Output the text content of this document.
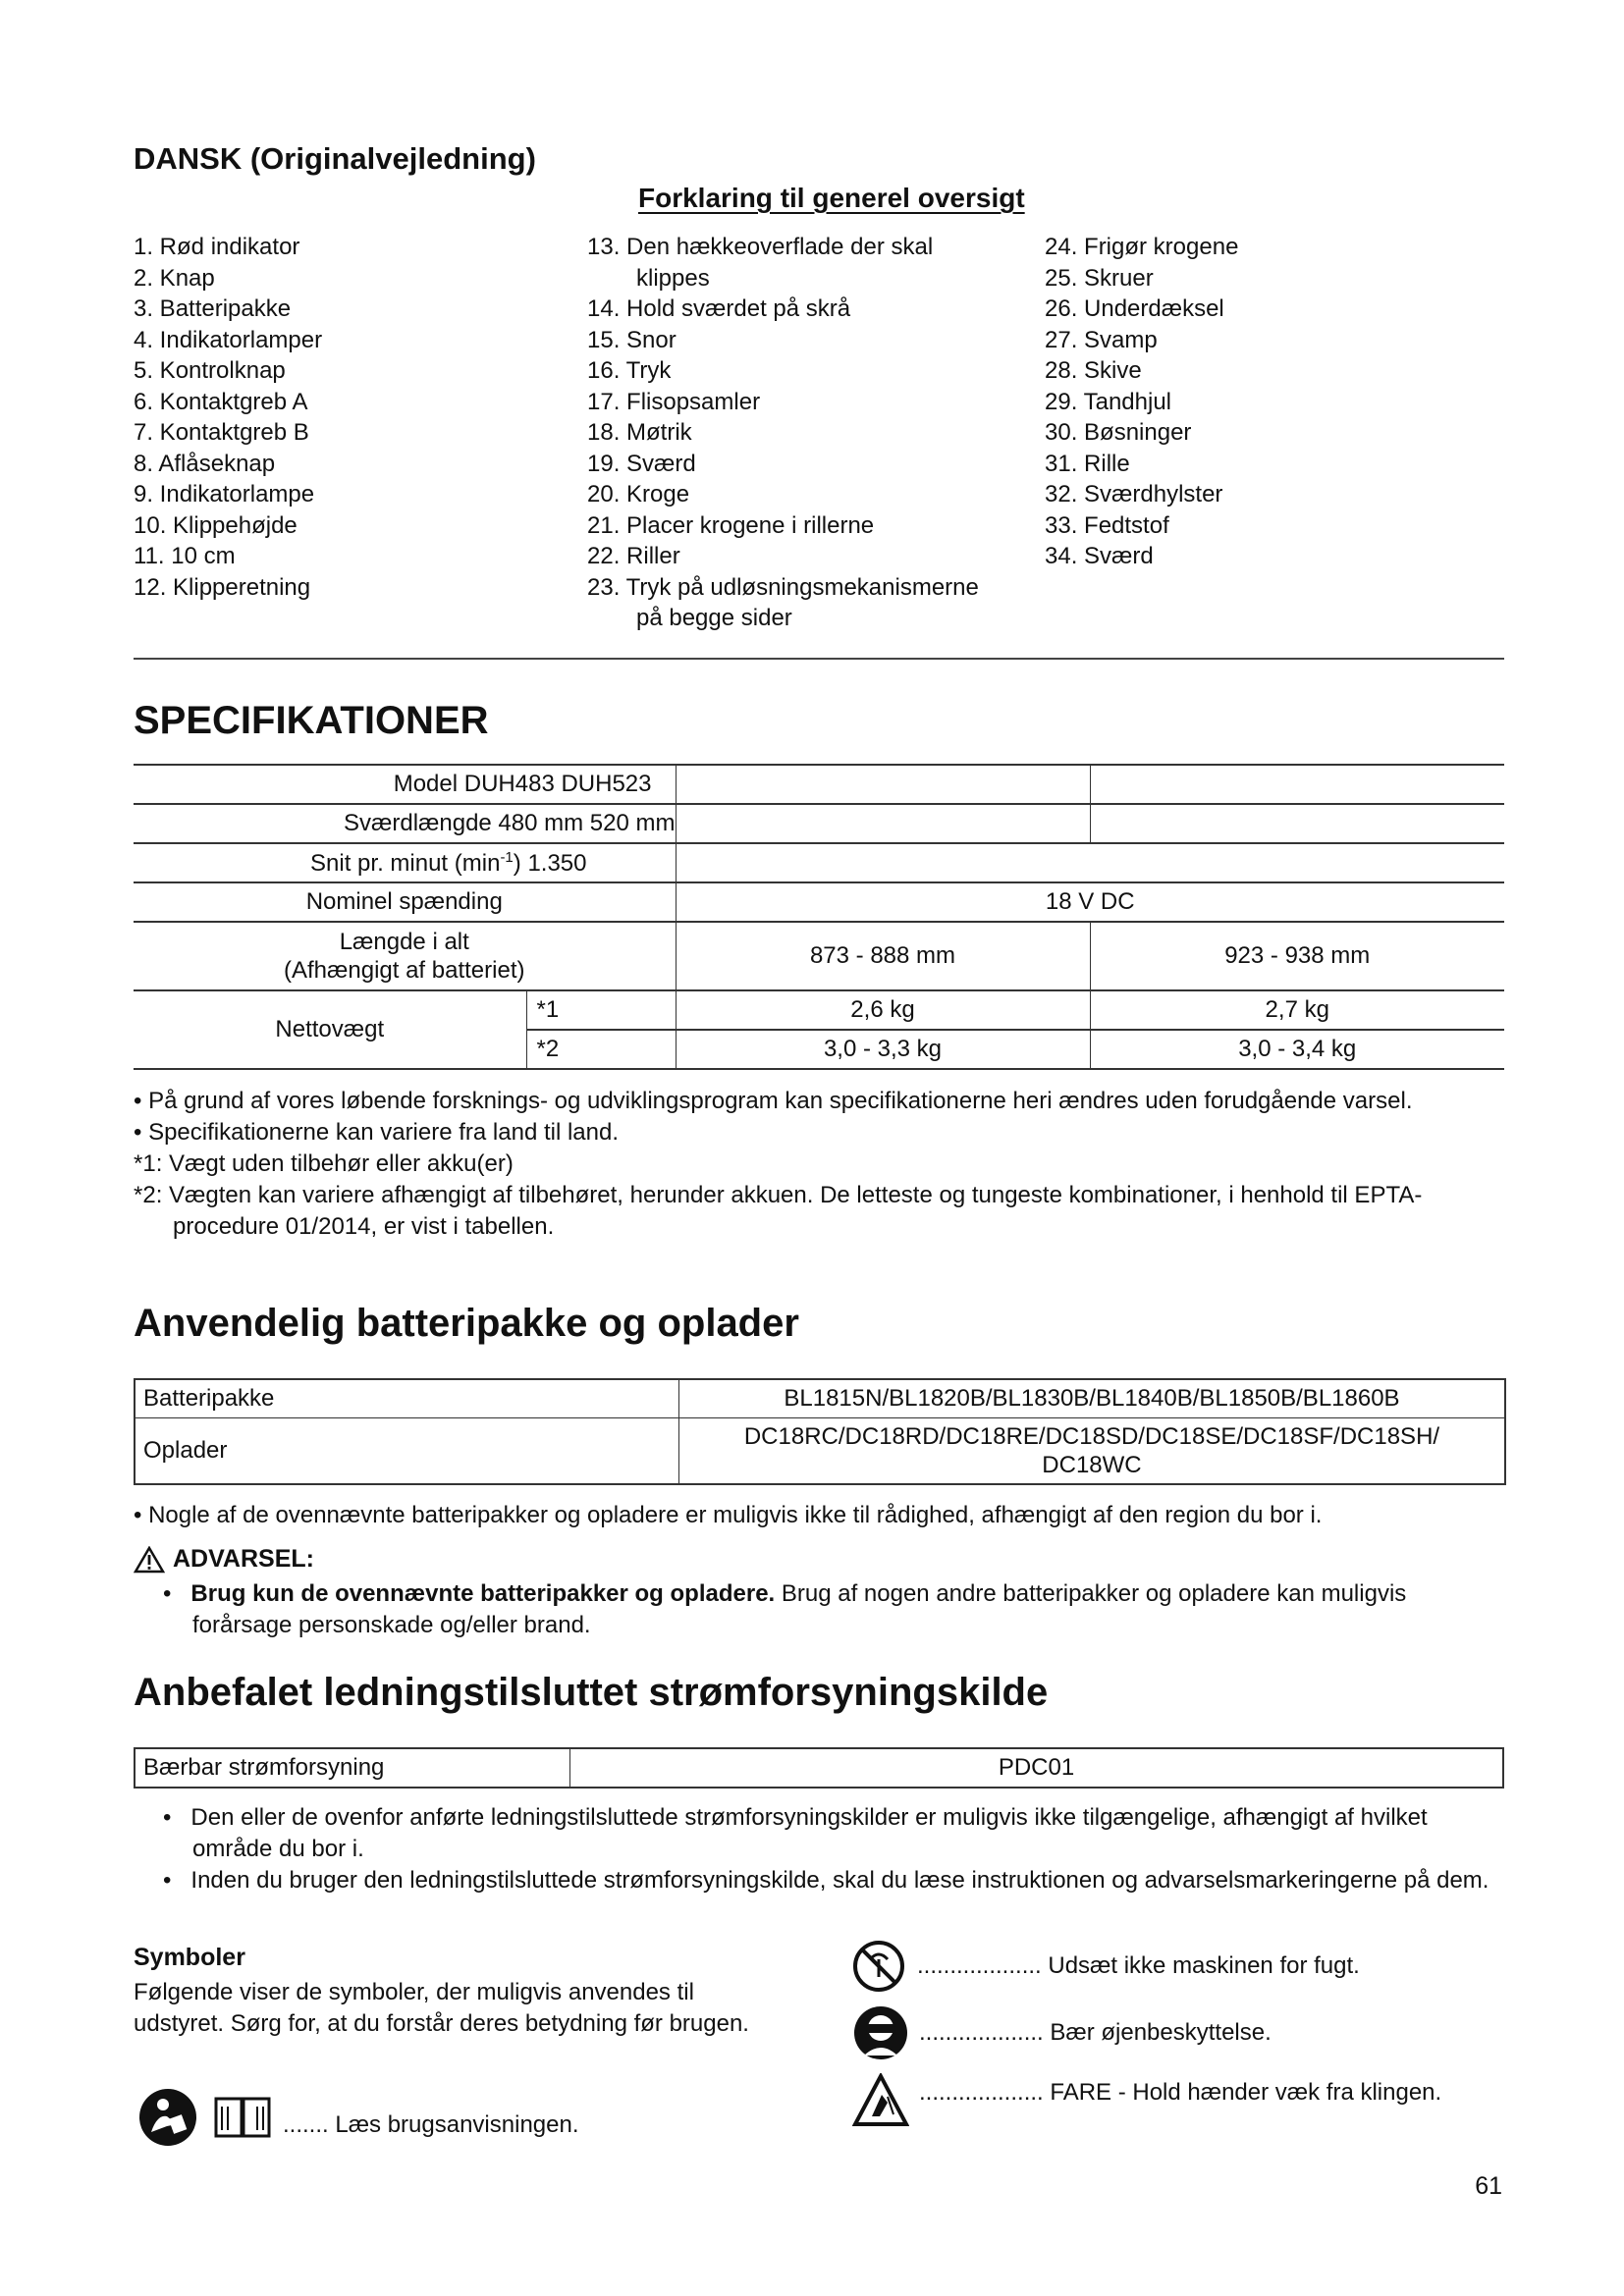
DANSK (Originalvejledning)
Forklaring til generel oversigt
1. Rød indikator
2. Knap
3. Batteripakke
4. Indikatorlamper
5. Kontrolknap
6. Kontaktgreb A
7. Kontaktgreb B
8. Aflåseknap
9. Indikatorlampe
10. Klippehøjde
11. 10 cm
12. Klipperetning
13. Den hækkeoverflade der skal
klippes
14. Hold sværdet på skrå
15. Snor
16. Tryk
17. Flisopsamler
18. Møtrik
19. Sværd
20. Kroge
21. Placer krogene i rillerne
22. Riller
23. Tryk på udløsningsmekanismerne
på begge sider
24. Frigør krogene
25. Skruer
26. Underdæksel
27. Svamp
28. Skive
29. Tandhjul
30. Bøsninger
31. Rille
32. Sværdhylster
33. Fedtstof
34. Sværd
SPECIFIKATIONER
Model DUH483 DUH523			
Sværdlængde 480 mm 520 mm			
Snit pr. minut $(\min^{-1})$ 1.350			
Nominel spænding		18 V DC	
Længde i alt
(Afhængigt af batteriet)		873 - 888 mm	923 - 938 mm
Nettovægt	*1	2,6 kg	2,7 kg
	*2	3,0 - 3,3 kg	3,0 - 3,4 kg
• På grund af vores løbende forsknings- og udviklingsprogram kan specifikationerne heri ændres uden forudgående varsel.
• Specifikationerne kan variere fra land til land.
*1: Vægt uden tilbehør eller akku(er)
*2: Vægten kan variere afhængigt af tilbehøret, herunder akkuen. De letteste og tungeste kombinationer, i henhold til EPTA-procedure 01/2014, er vist i tabellen.
Anvendelig batteripakke og oplader
Batteripakke	BL1815N/BL1820B/BL1830B/BL1840B/BL1850B/BL1860B
Oplader	DC18RC/DC18RD/DC18RE/DC18SD/DC18SE/DC18SF/DC18SH/
DC18WC
• Nogle af de ovennævnte batteripakker og opladere er muligvis ikke til rådighed, afhængigt af den region du bor i.
ADVARSEL:
•   Brug kun de ovennævnte batteripakker og opladere. Brug af nogen andre batteripakker og opladere kan muligvis forårsage personskade og/eller brand.
Anbefalet ledningstilsluttet strømforsyningskilde
Bærbar strømforsyning	PDC01
•   Den eller de ovenfor anførte ledningstilsluttede strømforsyningskilder er muligvis ikke tilgængelige, afhængigt af hvilket område du bor i.
•   Inden du bruger den ledningstilsluttede strømforsyningskilde, skal du læse instruktionen og advarselsmarkeringerne på dem.
Symboler
Følgende viser de symboler, der muligvis anvendes til udstyret. Sørg for, at du forstår deres betydning før brugen.
....... Læs brugsanvisningen.
................... Udsæt ikke maskinen for fugt.
................... Bær øjenbeskyttelse.
................... FARE - Hold hænder væk fra klingen.
61
